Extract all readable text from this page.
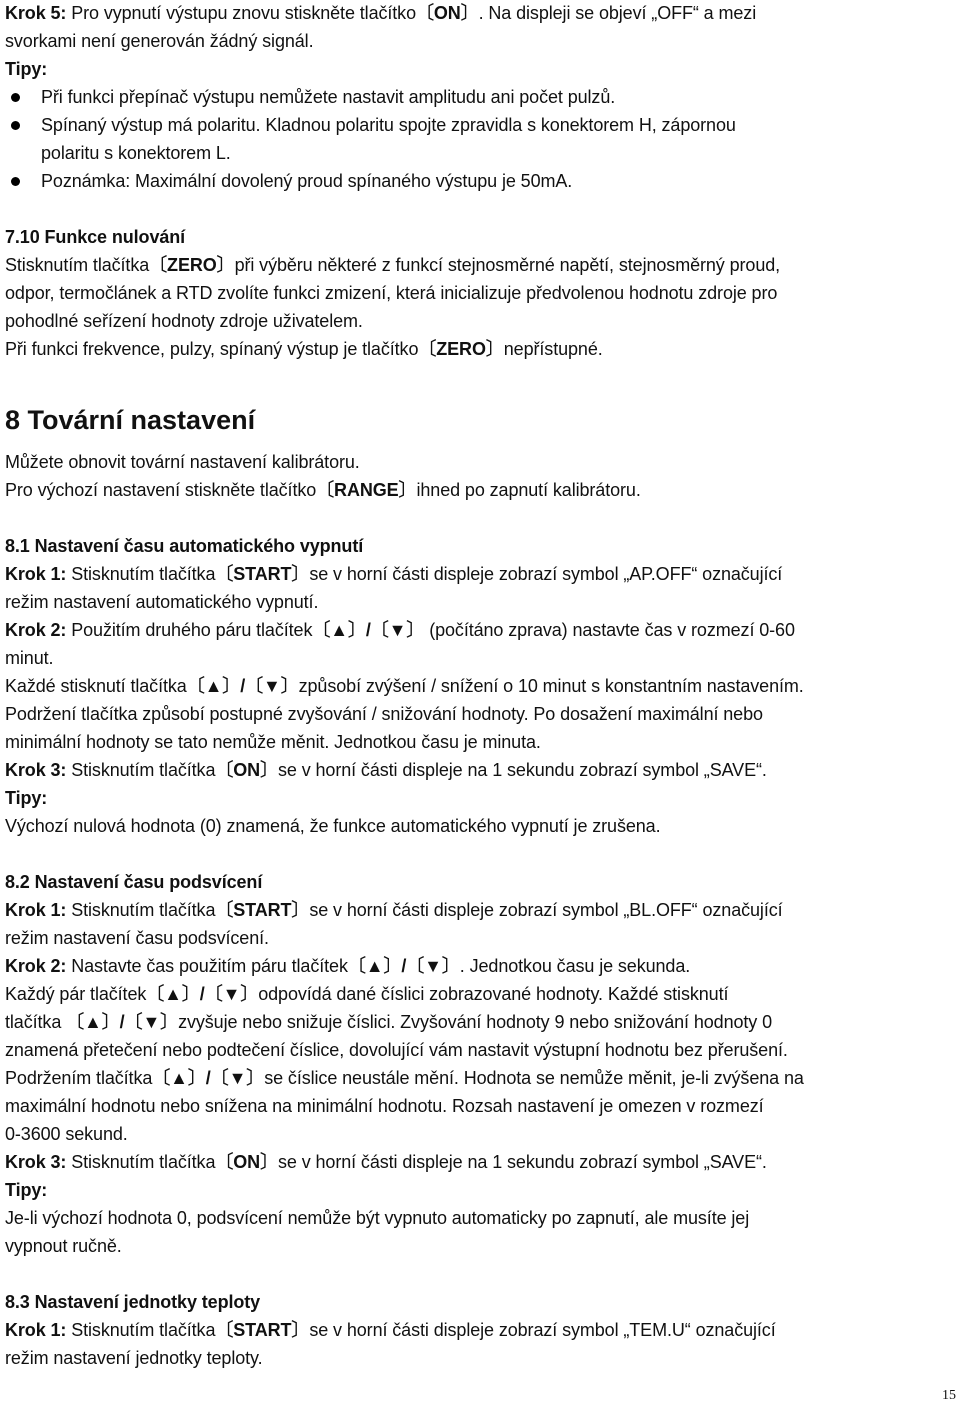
Krok 5: Pro vypnutí výstupu znovu stiskněte tlačítko〔ON〕. Na displeji se objeví „OFF“ a mezi
svorkami není generován žádný signál.
Tipy:
Při funkci přepínač výstupu nemůžete nastavit amplitudu ani počet pulzů.
Spínaný výstup má polaritu. Kladnou polaritu spojte zpravidla s konektorem H, zápornou
polaritu s konektorem L.
Poznámka: Maximální dovolený proud spínaného výstupu je 50mA.
7.10 Funkce nulování
Stisknutím tlačítka〔ZERO〕při výběru některé z funkcí stejnosměrné napětí, stejnosměrný proud,
odpor, termočlánek a RTD zvolíte funkci zmizení, která inicializuje předvolenou hodnotu zdroje pro
pohodlné seřízení hodnoty zdroje uživatelem.
Při funkci frekvence, pulzy, spínaný výstup je tlačítko〔ZERO〕nepřístupné.
Můžete obnovit tovární nastavení kalibrátoru.
Pro výchozí nastavení stiskněte tlačítko〔RANGE〕ihned po zapnutí kalibrátoru.
8.1 Nastavení času automatického vypnutí
Krok 1: Stisknutím tlačítka〔START〕se v horní části displeje zobrazí symbol „AP.OFF“ označující
režim nastavení automatického vypnutí.
Krok 2: Použitím druhého páru tlačítek〔▲〕/〔▼〕 (počítáno zprava) nastavte čas v rozmezí 0-60
minut.
Každé stisknutí tlačítka〔▲〕/〔▼〕způsobí zvýšení / snížení o 10 minut s konstantním nastavením.
Podržení tlačítka způsobí postupné zvyšování / snižování hodnoty. Po dosažení maximální nebo
minimální hodnoty se tato nemůže měnit. Jednotkou času je minuta.
Krok 3: Stisknutím tlačítka〔ON〕se v horní části displeje na 1 sekundu zobrazí symbol „SAVE“.
Tipy:
Výchozí nulová hodnota (0) znamená, že funkce automatického vypnutí je zrušena.
8.2 Nastavení času podsvícení
Krok 1: Stisknutím tlačítka〔START〕se v horní části displeje zobrazí symbol „BL.OFF“ označující
režim nastavení času podsvícení.
Krok 2: Nastavte čas použitím páru tlačítek〔▲〕/〔▼〕. Jednotkou času je sekunda.
Každý pár tlačítek〔▲〕/〔▼〕odpovídá dané číslici zobrazované hodnoty. Každé stisknutí
tlačítka 〔▲〕/〔▼〕zvyšuje nebo snižuje číslici. Zvyšování hodnoty 9 nebo snižování hodnoty 0
znamená přetečení nebo podtečení číslice, dovolující vám nastavit výstupní hodnotu bez přerušení.
Podržením tlačítka〔▲〕/〔▼〕se číslice neustále mění. Hodnota se nemůže měnit, je-li zvýšena na
maximální hodnotu nebo snížena na minimální hodnotu. Rozsah nastavení je omezen v rozmezí
0-3600 sekund.
Krok 3: Stisknutím tlačítka〔ON〕se v horní části displeje na 1 sekundu zobrazí symbol „SAVE“.
Tipy:
Je-li výchozí hodnota 0, podsvícení nemůže být vypnuto automaticky po zapnutí, ale musíte jej
vypnout ručně.
8.3 Nastavení jednotky teploty
Krok 1: Stisknutím tlačítka〔START〕se v horní části displeje zobrazí symbol „TEM.U“ označující
režim nastavení jednotky teploty.
8 Tovární nastavení
15
